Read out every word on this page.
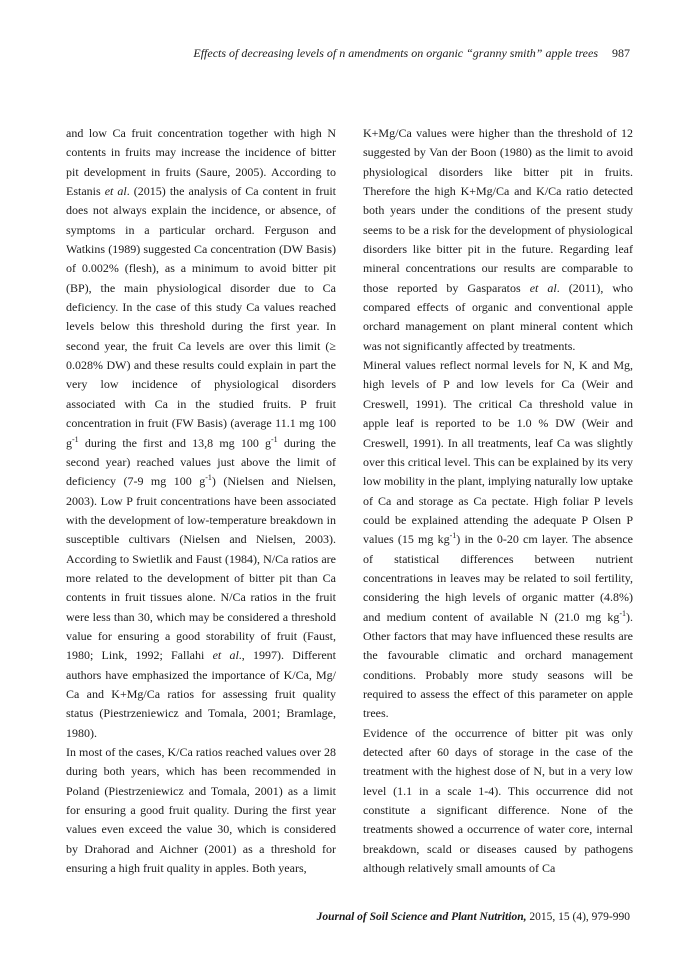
Effects of decreasing levels of n amendments on organic “granny smith” apple trees 987

and low Ca fruit concentration together with high N contents in fruits may increase the incidence of bitter pit development in fruits (Saure, 2005). According to Estanis et al. (2015) the analysis of Ca content in fruit does not always explain the incidence, or absence, of symptoms in a particular orchard. Ferguson and Watkins (1989) suggested Ca concentration (DW Basis) of 0.002% (flesh), as a minimum to avoid bitter pit (BP), the main physiological disorder due to Ca deficiency. In the case of this study Ca values reached levels below this threshold during the first year. In second year, the fruit Ca levels are over this limit (≥ 0.028% DW) and these results could explain in part the very low incidence of physiological disorders associated with Ca in the studied fruits. P fruit concentration in fruit (FW Basis) (average 11.1 mg 100 $g^{-1}$ during the first and 13,8 mg 100 $g^{-1}$ during the second year) reached values just above the limit of deficiency (7-9 mg 100 $g^{-1}$) (Nielsen and Nielsen, 2003). Low P fruit concentrations have been associated with the development of low-temperature breakdown in susceptible cultivars (Nielsen and Nielsen, 2003). According to Swietlik and Faust (1984), N/Ca ratios are more related to the development of bitter pit than Ca contents in fruit tissues alone. N/Ca ratios in the fruit were less than 30, which may be considered a threshold value for ensuring a good storability of fruit (Faust, 1980; Link, 1992; Fallahi et al., 1997). Different authors have emphasized the importance of K/Ca, Mg/ Ca and K+Mg/Ca ratios for assessing fruit quality status (Piestrzeniewicz and Tomala, 2001; Bramlage, 1980).

In most of the cases, K/Ca ratios reached values over 28 during both years, which has been recommended in Poland (Piestrzeniewicz and Tomala, 2001) as a limit for ensuring a good fruit quality. During the first year values even exceed the value 30, which is considered by Drahorad and Aichner (2001) as a threshold for ensuring a high fruit quality in apples. Both years,

K+Mg/Ca values were higher than the threshold of 12 suggested by Van der Boon (1980) as the limit to avoid physiological disorders like bitter pit in fruits. Therefore the high K+Mg/Ca and K/Ca ratio detected both years under the conditions of the present study seems to be a risk for the development of physiological disorders like bitter pit in the future. Regarding leaf mineral concentrations our results are comparable to those reported by Gasparatos et al. (2011), who compared effects of organic and conventional apple orchard management on plant mineral content which was not significantly affected by treatments.

Mineral values reflect normal levels for N, K and Mg, high levels of P and low levels for Ca (Weir and Creswell, 1991). The critical Ca threshold value in apple leaf is reported to be 1.0 % DW (Weir and Creswell, 1991). In all treatments, leaf Ca was slightly over this critical level. This can be explained by its very low mobility in the plant, implying naturally low uptake of Ca and storage as Ca pectate. High foliar P levels could be explained attending the adequate P Olsen P values (15 mg $kg^{-1}$) in the 0-20 cm layer. The absence of statistical differences between nutrient concentrations in leaves may be related to soil fertility, considering the high levels of organic matter (4.8%) and medium content of available N (21.0 mg $kg^{-1}$). Other factors that may have influenced these results are the favourable climatic and orchard management conditions. Probably more study seasons will be required to assess the effect of this parameter on apple trees.

Evidence of the occurrence of bitter pit was only detected after 60 days of storage in the case of the treatment with the highest dose of N, but in a very low level (1.1 in a scale 1-4). This occurrence did not constitute a significant difference. None of the treatments showed a occurrence of water core, internal breakdown, scald or diseases caused by pathogens although relatively small amounts of Ca

Journal of Soil Science and Plant Nutrition, 2015, 15 (4), 979-990
